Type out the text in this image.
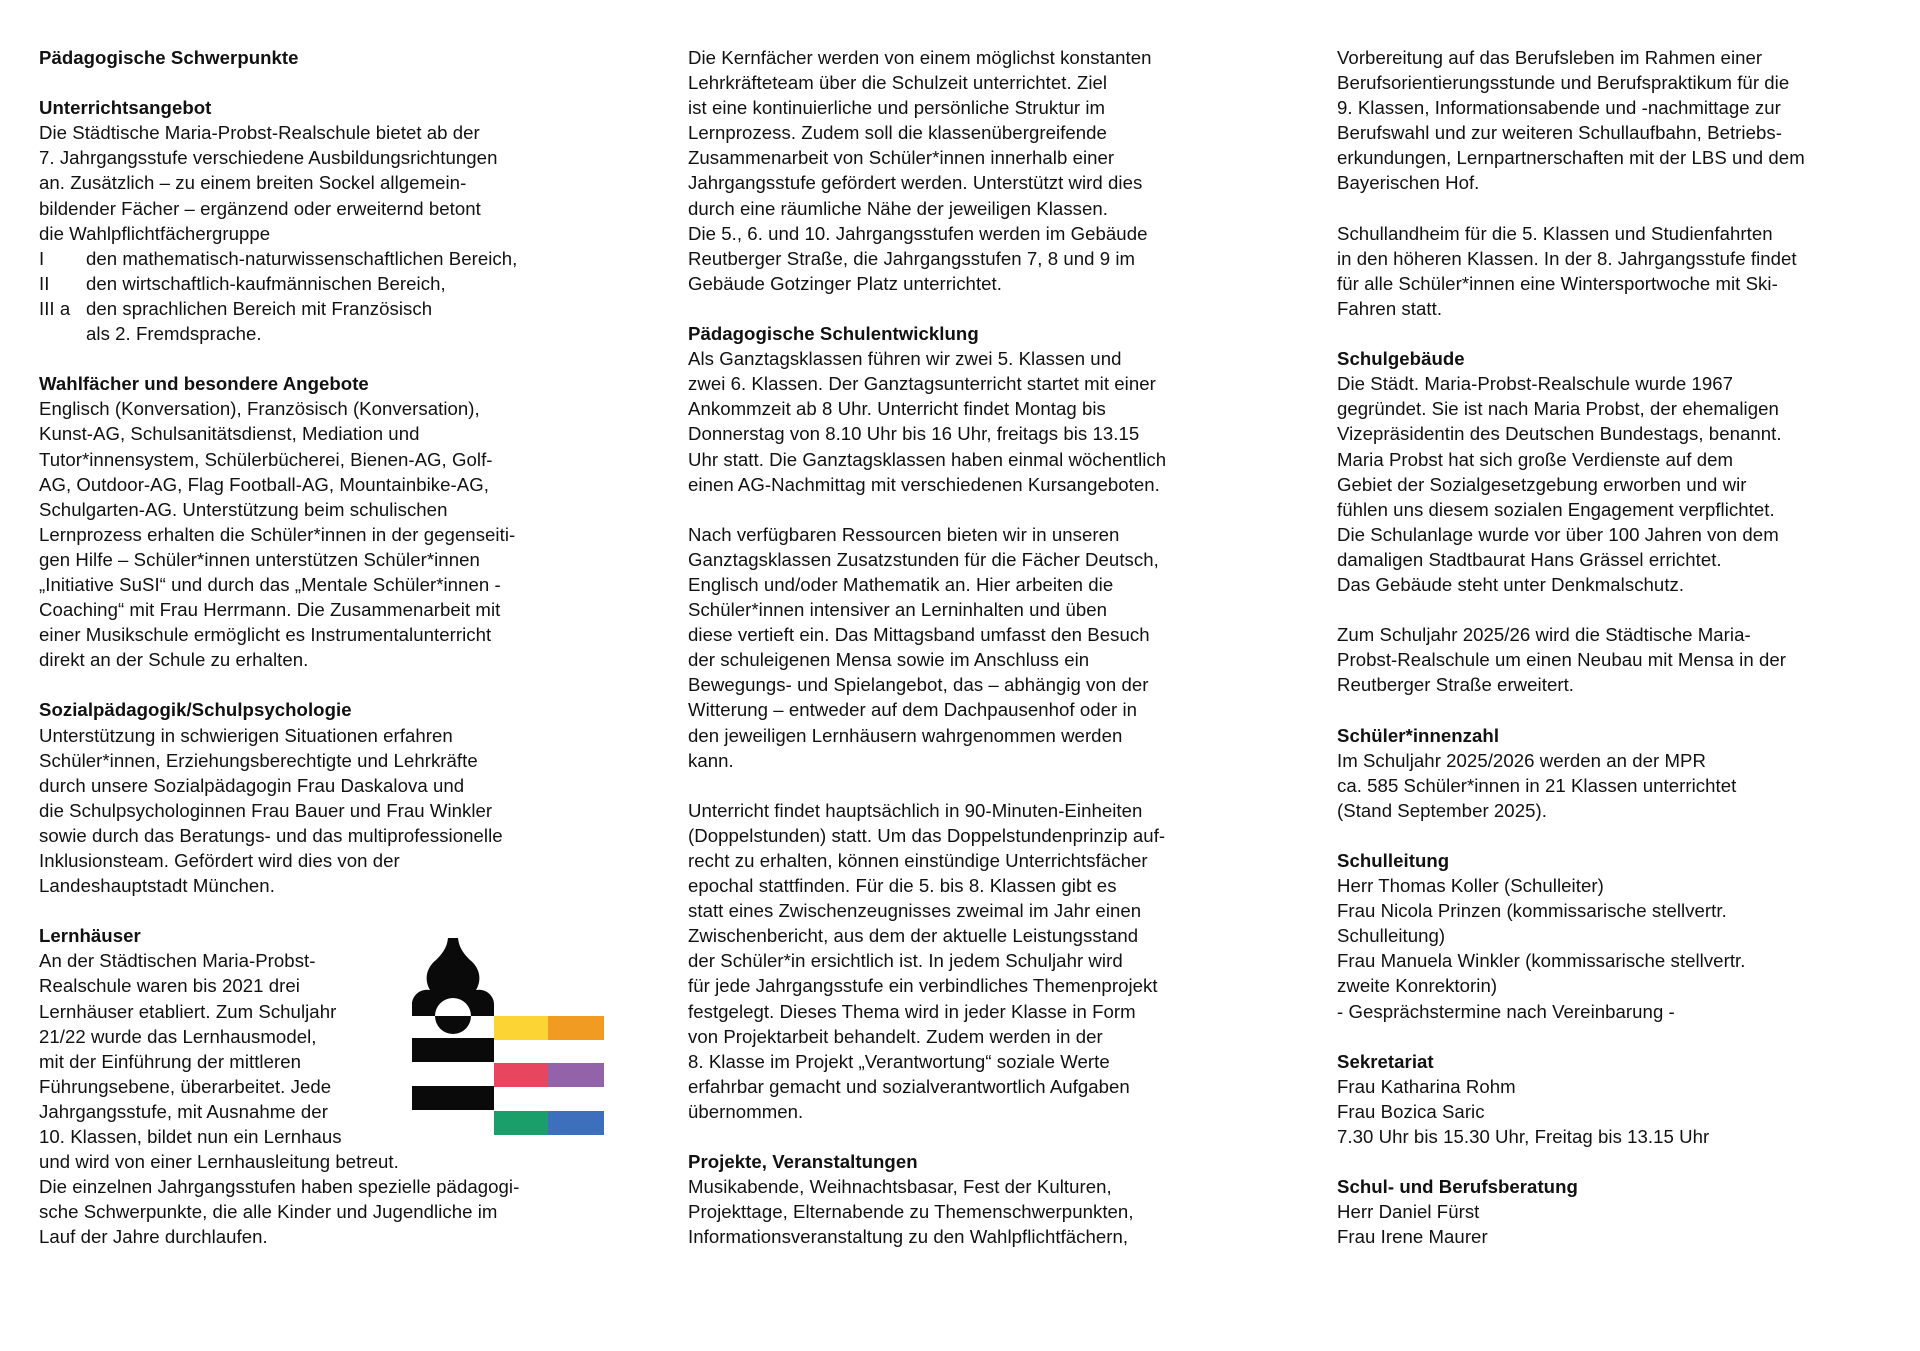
Pädagogische Schwerpunkte
Unterrichtsangebot
Die Städtische Maria-Probst-Realschule bietet ab der
7. Jahrgangsstufe verschiedene Ausbildungsrichtungen
an. Zusätzlich – zu einem breiten Sockel allgemein-
bildender Fächer – ergänzend oder erweiternd betont
die Wahlpflichtfächergruppe
I den mathematisch-naturwissenschaftlichen Bereich,
II den wirtschaftlich-kaufmännischen Bereich,
III a den sprachlichen Bereich mit Französisch
als 2. Fremdsprache.
Wahlfächer und besondere Angebote
Englisch (Konversation), Französisch (Konversation),
Kunst-AG, Schulsanitätsdienst, Mediation und
Tutor*innensystem, Schülerbücherei, Bienen-AG, Golf-
AG, Outdoor-AG, Flag Football-AG, Mountainbike-AG,
Schulgarten-AG. Unterstützung beim schulischen
Lernprozess erhalten die Schüler*innen in der gegenseiti-
gen Hilfe – Schüler*innen unterstützen Schüler*innen
„Initiative SuSI“ und durch das „Mentale Schüler*innen -
Coaching“ mit Frau Herrmann. Die Zusammenarbeit mit
einer Musikschule ermöglicht es Instrumentalunterricht
direkt an der Schule zu erhalten.
Sozialpädagogik/Schulpsychologie
Unterstützung in schwierigen Situationen erfahren
Schüler*innen, Erziehungsberechtigte und Lehrkräfte
durch unsere Sozialpädagogin Frau Daskalova und
die Schulpsychologinnen Frau Bauer und Frau Winkler
sowie durch das Beratungs- und das multiprofessionelle
Inklusionsteam. Gefördert wird dies von der
Landeshauptstadt München.
Lernhäuser
An der Städtischen Maria-Probst-
Realschule waren bis 2021 drei
Lernhäuser etabliert. Zum Schuljahr
21/22 wurde das Lernhausmodel,
mit der Einführung der mittleren
Führungsebene, überarbeitet. Jede
Jahrgangsstufe, mit Ausnahme der
10. Klassen, bildet nun ein Lernhaus
und wird von einer Lernhausleitung betreut.
Die einzelnen Jahrgangsstufen haben spezielle pädagogi-
sche Schwerpunkte, die alle Kinder und Jugendliche im
Lauf der Jahre durchlaufen.
Die Kernfächer werden von einem möglichst konstanten
Lehrkräfteteam über die Schulzeit unterrichtet. Ziel
ist eine kontinuierliche und persönliche Struktur im
Lernprozess. Zudem soll die klassenübergreifende
Zusammenarbeit von Schüler*innen innerhalb einer
Jahrgangsstufe gefördert werden. Unterstützt wird dies
durch eine räumliche Nähe der jeweiligen Klassen.
Die 5., 6. und 10. Jahrgangsstufen werden im Gebäude
Reutberger Straße, die Jahrgangsstufen 7, 8 und 9 im
Gebäude Gotzinger Platz unterrichtet.
Pädagogische Schulentwicklung
Als Ganztagsklassen führen wir zwei 5. Klassen und
zwei 6. Klassen. Der Ganztagsunterricht startet mit einer
Ankommzeit ab 8 Uhr. Unterricht findet Montag bis
Donnerstag von 8.10 Uhr bis 16 Uhr, freitags bis 13.15
Uhr statt. Die Ganztagsklassen haben einmal wöchentlich
einen AG-Nachmittag mit verschiedenen Kursangeboten.
Nach verfügbaren Ressourcen bieten wir in unseren
Ganztagsklassen Zusatzstunden für die Fächer Deutsch,
Englisch und/oder Mathematik an. Hier arbeiten die
Schüler*innen intensiver an Lerninhalten und üben
diese vertieft ein. Das Mittagsband umfasst den Besuch
der schuleigenen Mensa sowie im Anschluss ein
Bewegungs- und Spielangebot, das – abhängig von der
Witterung – entweder auf dem Dachpausenhof oder in
den jeweiligen Lernhäusern wahrgenommen werden
kann.
Unterricht findet hauptsächlich in 90-Minuten-Einheiten
(Doppelstunden) statt. Um das Doppelstundenprinzip auf-
recht zu erhalten, können einstündige Unterrichtsfächer
epochal stattfinden. Für die 5. bis 8. Klassen gibt es
statt eines Zwischenzeugnisses zweimal im Jahr einen
Zwischenbericht, aus dem der aktuelle Leistungsstand
der Schüler*in ersichtlich ist. In jedem Schuljahr wird
für jede Jahrgangsstufe ein verbindliches Themenprojekt
festgelegt. Dieses Thema wird in jeder Klasse in Form
von Projektarbeit behandelt. Zudem werden in der
8. Klasse im Projekt „Verantwortung“ soziale Werte
erfahrbar gemacht und sozialverantwortlich Aufgaben
übernommen.
Projekte, Veranstaltungen
Musikabende, Weihnachtsbasar, Fest der Kulturen,
Projekttage, Elternabende zu Themenschwerpunkten,
Informationsveranstaltung zu den Wahlpflichtfächern,
Vorbereitung auf das Berufsleben im Rahmen einer
Berufsorientierungsstunde und Berufspraktikum für die
9. Klassen, Informationsabende und -nachmittage zur
Berufswahl und zur weiteren Schullaufbahn, Betriebs-
erkundungen, Lernpartnerschaften mit der LBS und dem
Bayerischen Hof.
Schullandheim für die 5. Klassen und Studienfahrten
in den höheren Klassen. In der 8. Jahrgangsstufe findet
für alle Schüler*innen eine Wintersportwoche mit Ski-
Fahren statt.
Schulgebäude
Die Städt. Maria-Probst-Realschule wurde 1967
gegründet. Sie ist nach Maria Probst, der ehemaligen
Vizepräsidentin des Deutschen Bundestags, benannt.
Maria Probst hat sich große Verdienste auf dem
Gebiet der Sozialgesetzgebung erworben und wir
fühlen uns diesem sozialen Engagement verpflichtet.
Die Schulanlage wurde vor über 100 Jahren von dem
damaligen Stadtbaurat Hans Grässel errichtet.
Das Gebäude steht unter Denkmalschutz.
Zum Schuljahr 2025/26 wird die Städtische Maria-
Probst-Realschule um einen Neubau mit Mensa in der
Reutberger Straße erweitert.
Schüler*innenzahl
Im Schuljahr 2025/2026 werden an der MPR
ca. 585 Schüler*innen in 21 Klassen unterrichtet
(Stand September 2025).
Schulleitung
Herr Thomas Koller (Schulleiter)
Frau Nicola Prinzen (kommissarische stellvertr.
Schulleitung)
Frau Manuela Winkler (kommissarische stellvertr.
zweite Konrektorin)
- Gesprächstermine nach Vereinbarung -
Sekretariat
Frau Katharina Rohm
Frau Bozica Saric
7.30 Uhr bis 15.30 Uhr, Freitag bis 13.15 Uhr
Schul- und Berufsberatung
Herr Daniel Fürst
Frau Irene Maurer
